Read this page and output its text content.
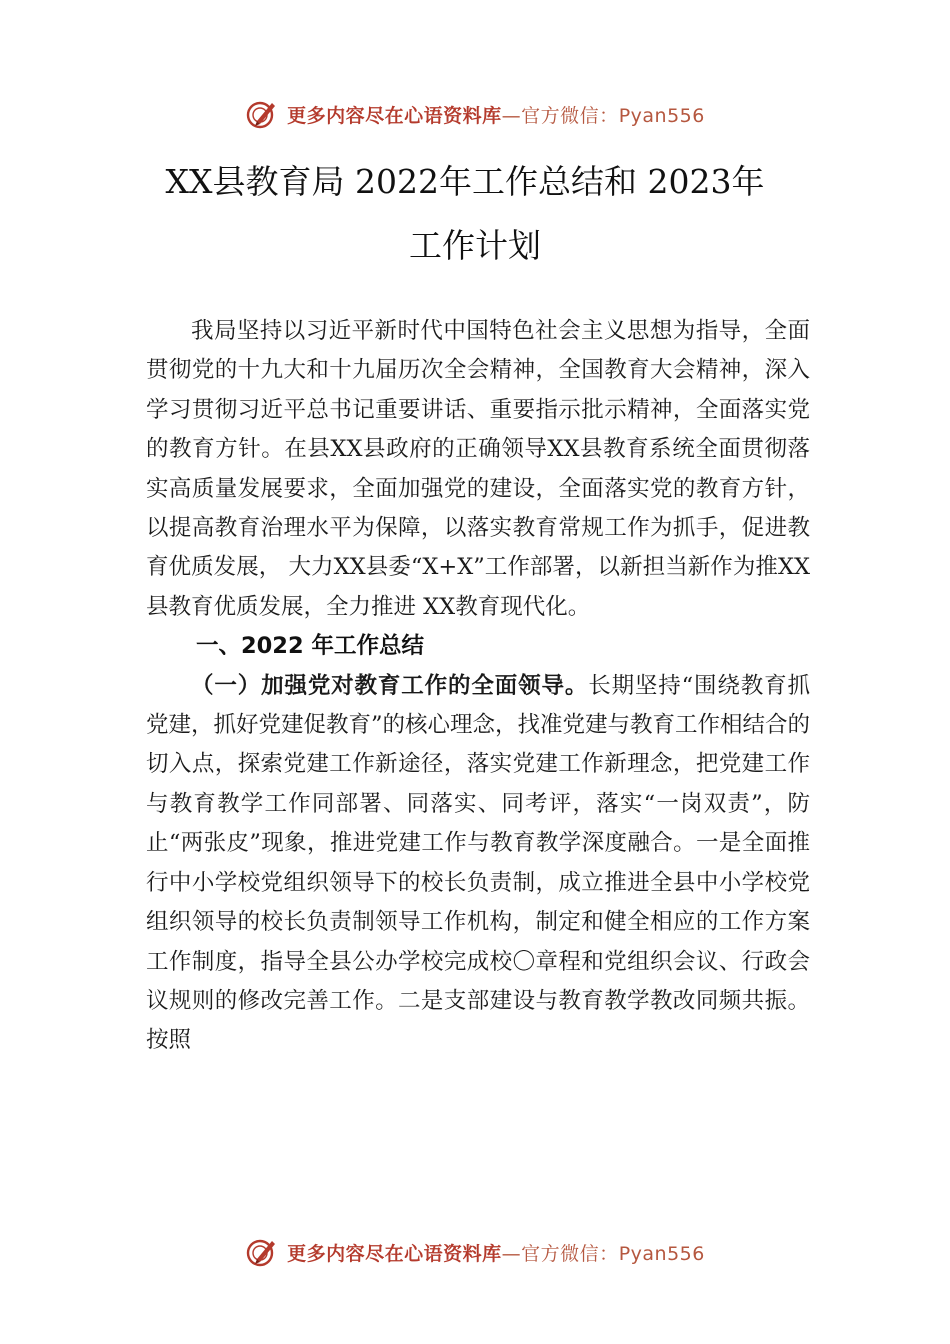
更多内容尽在心语资料库—官方微信：Pyan556
XX县教育局 2022年工作总结和 2023年
工作计划

我局坚持以习近平新时代中国特色社会主义思想为指导，全面贯彻党的十九大和十九届历次全会精神，全国教育大会精神，深入学习贯彻习近平总书记重要讲话、重要指示批示精神，全面落实党的教育方针。在县XX县政府的正确领导XX县教育系统全面贯彻落实高质量发展要求，全面加强党的建设，全面落实党的教育方针，以提高教育治理水平为保障，以落实教育常规工作为抓手，促进教育优质发展， 大力XX县委“X+X”工作部署，以新担当新作为推XX县教育优质发展，全力推进 XX教育现代化。

一、2022 年工作总结

（一）加强党对教育工作的全面领导。长期坚持“围绕教育抓党建，抓好党建促教育”的核心理念，找准党建与教育工作相结合的切入点，探索党建工作新途径，落实党建工作新理念，把党建工作与教育教学工作同部署、同落实、同考评，落实“一岗双责”，防止“两张皮”现象，推进党建工作与教育教学深度融合。一是全面推行中小学校党组织领导下的校长负责制，成立推进全县中小学校党组织领导的校长负责制领导工作机构，制定和健全相应的工作方案工作制度，指导全县公办学校完成校〇章程和党组织会议、行政会议规则的修改完善工作。二是支部建设与教育教学教改同频共振。按照

更多内容尽在心语资料库—官方微信：Pyan556
